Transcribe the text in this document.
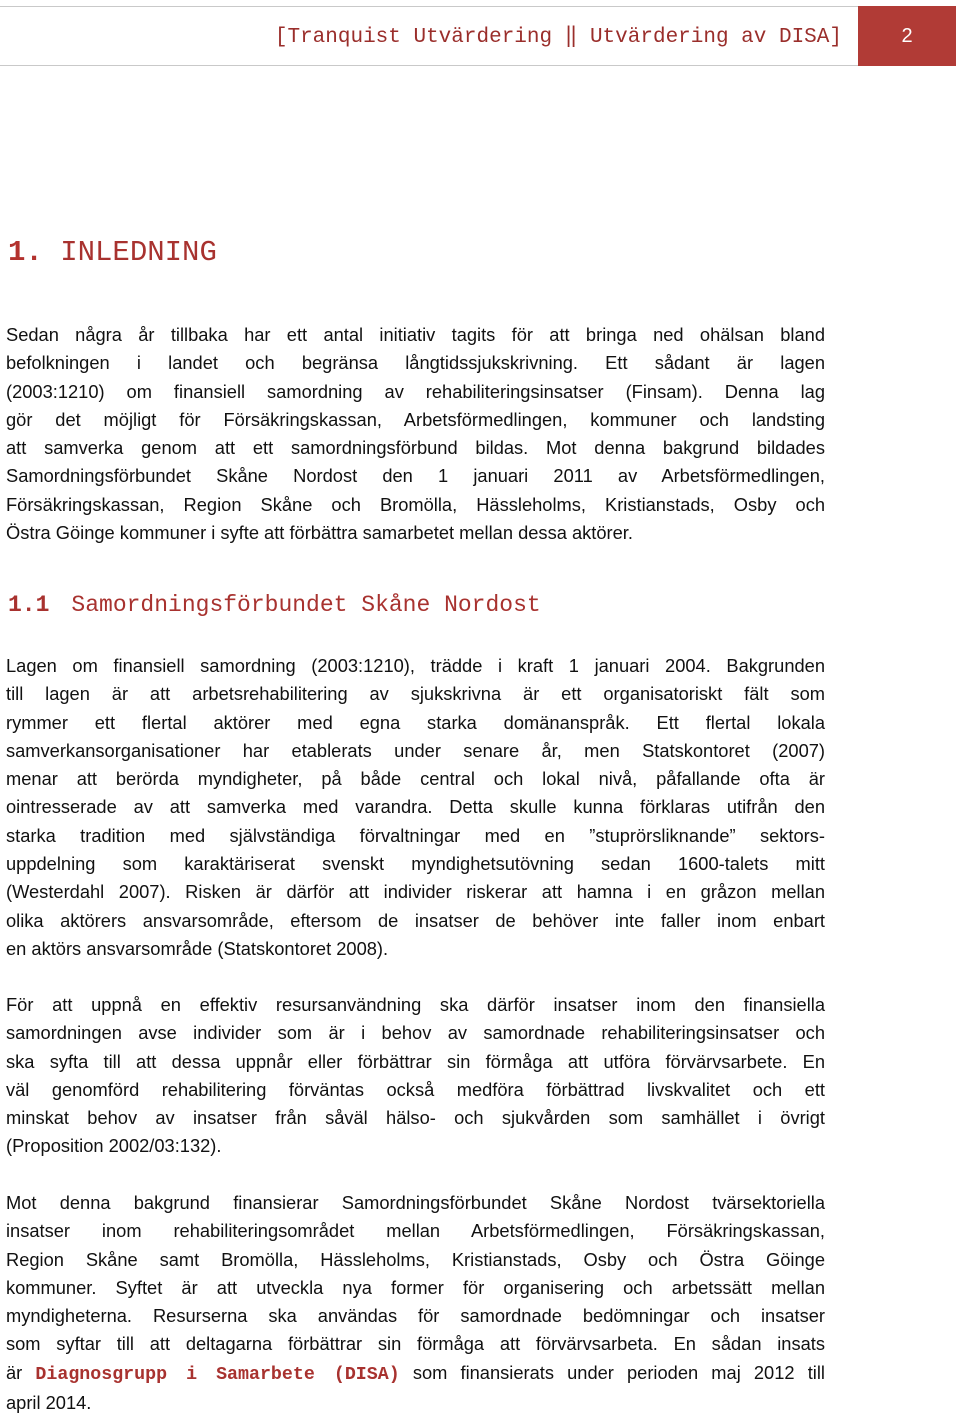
[Tranquist Utvärdering ‖ Utvärdering av DISA]	2
1. INLEDNING
Sedan några år tillbaka har ett antal initiativ tagits för att bringa ned ohälsan bland
befolkningen i landet och begränsa långtidssjukskrivning. Ett sådant är lagen
(2003:1210) om finansiell samordning av rehabiliteringsinsatser (Finsam). Denna lag
gör det möjligt för Försäkringskassan, Arbetsförmedlingen, kommuner och landsting
att samverka genom att ett samordningsförbund bildas. Mot denna bakgrund bildades
Samordningsförbundet Skåne Nordost den 1 januari 2011 av Arbetsförmedlingen,
Försäkringskassan, Region Skåne och Bromölla, Hässleholms, Kristianstads, Osby och
Östra Göinge kommuner i syfte att förbättra samarbetet mellan dessa aktörer.
1.1 Samordningsförbundet Skåne Nordost
Lagen om finansiell samordning (2003:1210), trädde i kraft 1 januari 2004. Bakgrunden
till lagen är att arbetsrehabilitering av sjukskrivna är ett organisatoriskt fält som
rymmer ett flertal aktörer med egna starka domänanspråk. Ett flertal lokala
samverkansorganisationer har etablerats under senare år, men Statskontoret (2007)
menar att berörda myndigheter, på både central och lokal nivå, påfallande ofta är
ointresserade av att samverka med varandra. Detta skulle kunna förklaras utifrån den
starka tradition med självständiga förvaltningar med en ”stuprörsliknande” sektors-
uppdelning som karaktäriserat svenskt myndighetsutövning sedan 1600-talets mitt
(Westerdahl 2007). Risken är därför att individer riskerar att hamna i en gråzon mellan
olika aktörers ansvarsområde, eftersom de insatser de behöver inte faller inom enbart
en aktörs ansvarsområde (Statskontoret 2008).
För att uppnå en effektiv resursanvändning ska därför insatser inom den finansiella
samordningen avse individer som är i behov av samordnade rehabiliteringsinsatser och
ska syfta till att dessa uppnår eller förbättrar sin förmåga att utföra förvärvsarbete. En
väl genomförd rehabilitering förväntas också medföra förbättrad livskvalitet och ett
minskat behov av insatser från såväl hälso- och sjukvården som samhället i övrigt
(Proposition 2002/03:132).
Mot denna bakgrund finansierar Samordningsförbundet Skåne Nordost tvärsektoriella
insatser inom rehabiliteringsområdet mellan Arbetsförmedlingen, Försäkringskassan,
Region Skåne samt Bromölla, Hässleholms, Kristianstads, Osby och Östra Göinge
kommuner. Syftet är att utveckla nya former för organisering och arbetssätt mellan
myndigheterna. Resurserna ska användas för samordnade bedömningar och insatser
som syftar till att deltagarna förbättrar sin förmåga att förvärvsarbeta. En sådan insats
är Diagnosgrupp i Samarbete (DISA) som finansierats under perioden maj 2012 till
april 2014.
